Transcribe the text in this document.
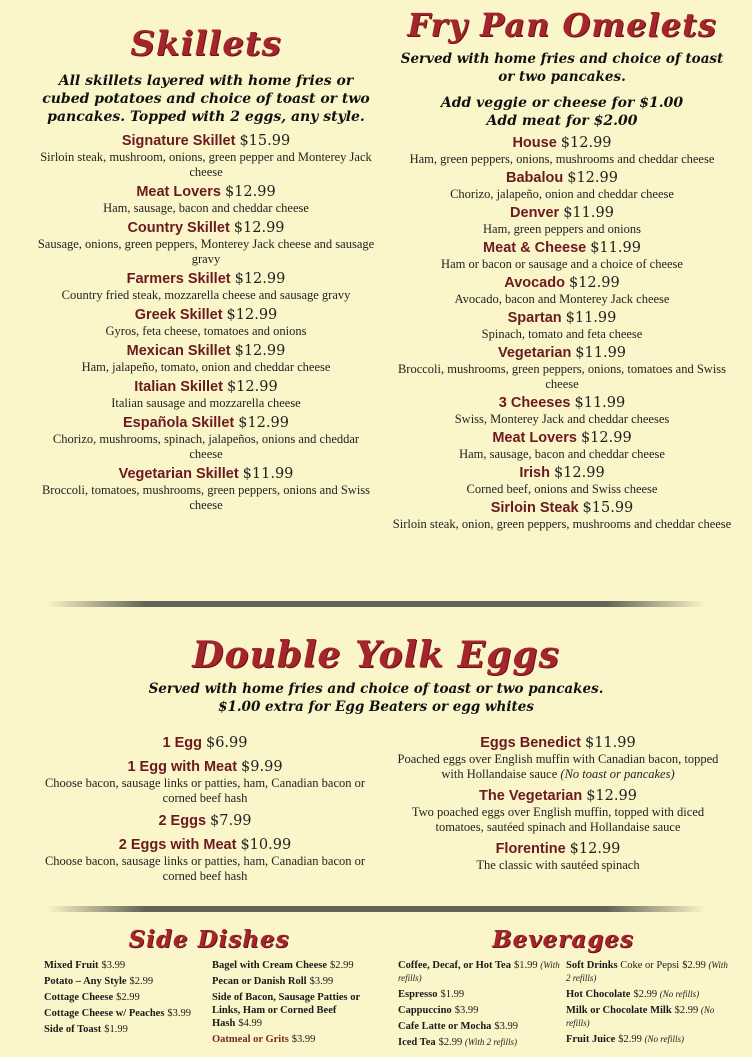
Skillets

All skillets layered with home fries or cubed potatoes and choice of toast or two pancakes. Topped with 2 eggs, any style.

Signature Skillet $15.99
Sirloin steak, mushroom, onions, green pepper and Monterey Jack cheese
Meat Lovers $12.99
Ham, sausage, bacon and cheddar cheese
Country Skillet $12.99
Sausage, onions, green peppers, Monterey Jack cheese and sausage gravy
Farmers Skillet $12.99
Country fried steak, mozzarella cheese and sausage gravy
Greek Skillet $12.99
Gyros, feta cheese, tomatoes and onions
Mexican Skillet $12.99
Ham, jalapeño, tomato, onion and cheddar cheese
Italian Skillet $12.99
Italian sausage and mozzarella cheese
Española Skillet $12.99
Chorizo, mushrooms, spinach, jalapeños, onions and cheddar cheese
Vegetarian Skillet $11.99
Broccoli, tomatoes, mushrooms, green peppers, onions and Swiss cheese
Fry Pan Omelets

Served with home fries and choice of toast or two pancakes.

Add veggie or cheese for $1.00

Add meat for $2.00

House $12.99
Ham, green peppers, onions, mushrooms and cheddar cheese
Babalou $12.99
Chorizo, jalapeño, onion and cheddar cheese
Denver $11.99
Ham, green peppers and onions
Meat & Cheese $11.99
Ham or bacon or sausage and a choice of cheese
Avocado $12.99
Avocado, bacon and Monterey Jack cheese
Spartan $11.99
Spinach, tomato and feta cheese
Vegetarian $11.99
Broccoli, mushrooms, green peppers, onions, tomatoes and Swiss cheese
3 Cheeses $11.99
Swiss, Monterey Jack and cheddar cheeses
Meat Lovers $12.99
Ham, sausage, bacon and cheddar cheese
Irish $12.99
Corned beef, onions and Swiss cheese
Sirloin Steak $15.99
Sirloin steak, onion, green peppers, mushrooms and cheddar cheese
Double Yolk Eggs

Served with home fries and choice of toast or two pancakes.

$1.00 extra for Egg Beaters or egg whites

1 Egg $6.99
1 Egg with Meat $9.99
Choose bacon, sausage links or patties, ham, Canadian bacon or corned beef hash
2 Eggs $7.99
2 Eggs with Meat $10.99
Choose bacon, sausage links or patties, ham, Canadian bacon or corned beef hash
Eggs Benedict $11.99
Poached eggs over English muffin with Canadian bacon, topped with Hollandaise sauce (No toast or pancakes)
The Vegetarian $12.99
Two poached eggs over English muffin, topped with diced tomatoes, sautéed spinach and Hollandaise sauce
Florentine $12.99
The classic with sautéed spinach
Side Dishes
Mixed Fruit $3.99
Potato – Any Style $2.99
Cottage Cheese $2.99
Cottage Cheese w/ Peaches $3.99
Side of Toast $1.99
Bagel with Cream Cheese $2.99
Pecan or Danish Roll $3.99
Side of Bacon, Sausage Patties or Links, Ham or Corned Beef Hash $4.99
Oatmeal or Grits $3.99
Beverages
Coffee, Decaf, or Hot Tea $1.99 (With refills)
Espresso $1.99
Cappuccino $3.99
Cafe Latte or Mocha $3.99
Iced Tea $2.99 (With 2 refills)
Soft Drinks Coke or Pepsi $2.99 (With 2 refills)
Hot Chocolate $2.99 (No refills)
Milk or Chocolate Milk $2.99 (No refills)
Fruit Juice $2.99 (No refills)
